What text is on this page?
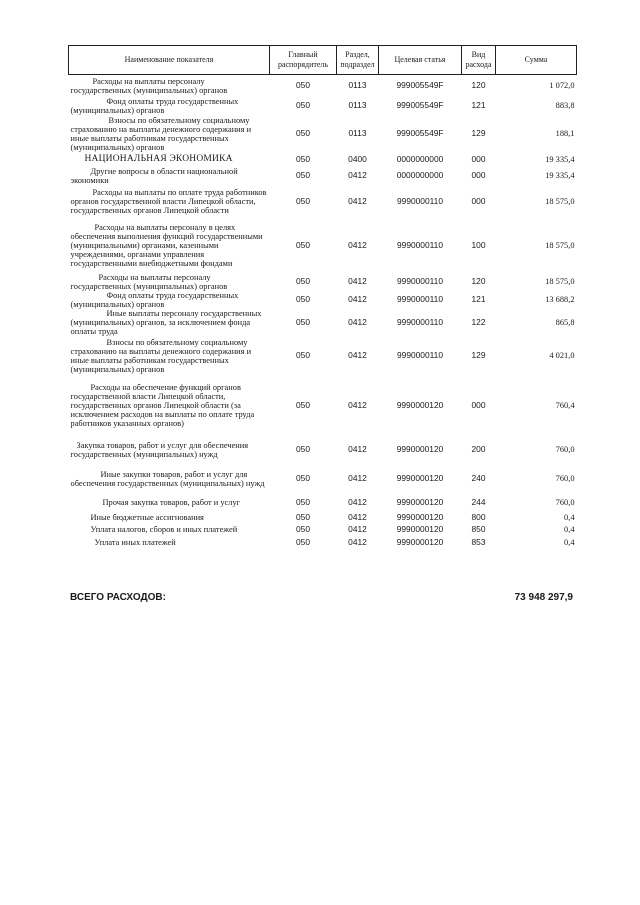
Наименование показателя	Главный распорядитель	Раздел, подраздел	Целевая статья	Вид расхода	Сумма
Расходы на выплаты персоналу государственных (муниципальных) органов	050	0113	999005549F	120	1 072,0
Фонд оплаты труда государственных (муниципальных) органов	050	0113	999005549F	121	883,8
Взносы по обязательному социальному страхованию на выплаты денежного содержания и иные выплаты работникам государственных (муниципальных) органов	050	0113	999005549F	129	188,1
НАЦИОНАЛЬНАЯ ЭКОНОМИКА	050	0400	0000000000	000	19 335,4
Другие вопросы в области национальной экономики	050	0412	0000000000	000	19 335,4
Расходы на выплаты по оплате труда работников органов государственной власти Липецкой области, государственных органов Липецкой области	050	0412	9990000110	000	18 575,0
Расходы на выплаты персоналу в целях обеспечения выполнения функций государственными (муниципальными) органами, казенными учреждениями, органами управления государственными внебюджетными фондами	050	0412	9990000110	100	18 575,0
Расходы на выплаты персоналу государственных (муниципальных) органов	050	0412	9990000110	120	18 575,0
Фонд оплаты труда государственных (муниципальных) органов	050	0412	9990000110	121	13 688,2
Иные выплаты персоналу государственных (муниципальных) органов, за исключением фонда оплаты труда	050	0412	9990000110	122	865,8
Взносы по обязательному социальному страхованию на выплаты денежного содержания и иные выплаты работникам государственных (муниципальных) органов	050	0412	9990000110	129	4 021,0
Расходы на обеспечение функций органов государственной власти Липецкой области, государственных органов Липецкой области (за исключением расходов на выплаты по оплате труда работников указанных органов)	050	0412	9990000120	000	760,4
Закупка товаров, работ и услуг для обеспечения государственных (муниципальных) нужд	050	0412	9990000120	200	760,0
Иные закупки товаров, работ и услуг для обеспечения государственных (муниципальных) нужд	050	0412	9990000120	240	760,0
Прочая закупка товаров, работ и услуг	050	0412	9990000120	244	760,0
Иные бюджетные ассигнования	050	0412	9990000120	800	0,4
Уплата налогов, сборов и иных платежей	050	0412	9990000120	850	0,4
Уплата иных платежей	050	0412	9990000120	853	0,4
ВСЕГО РАСХОДОВ:	73 948 297,9
